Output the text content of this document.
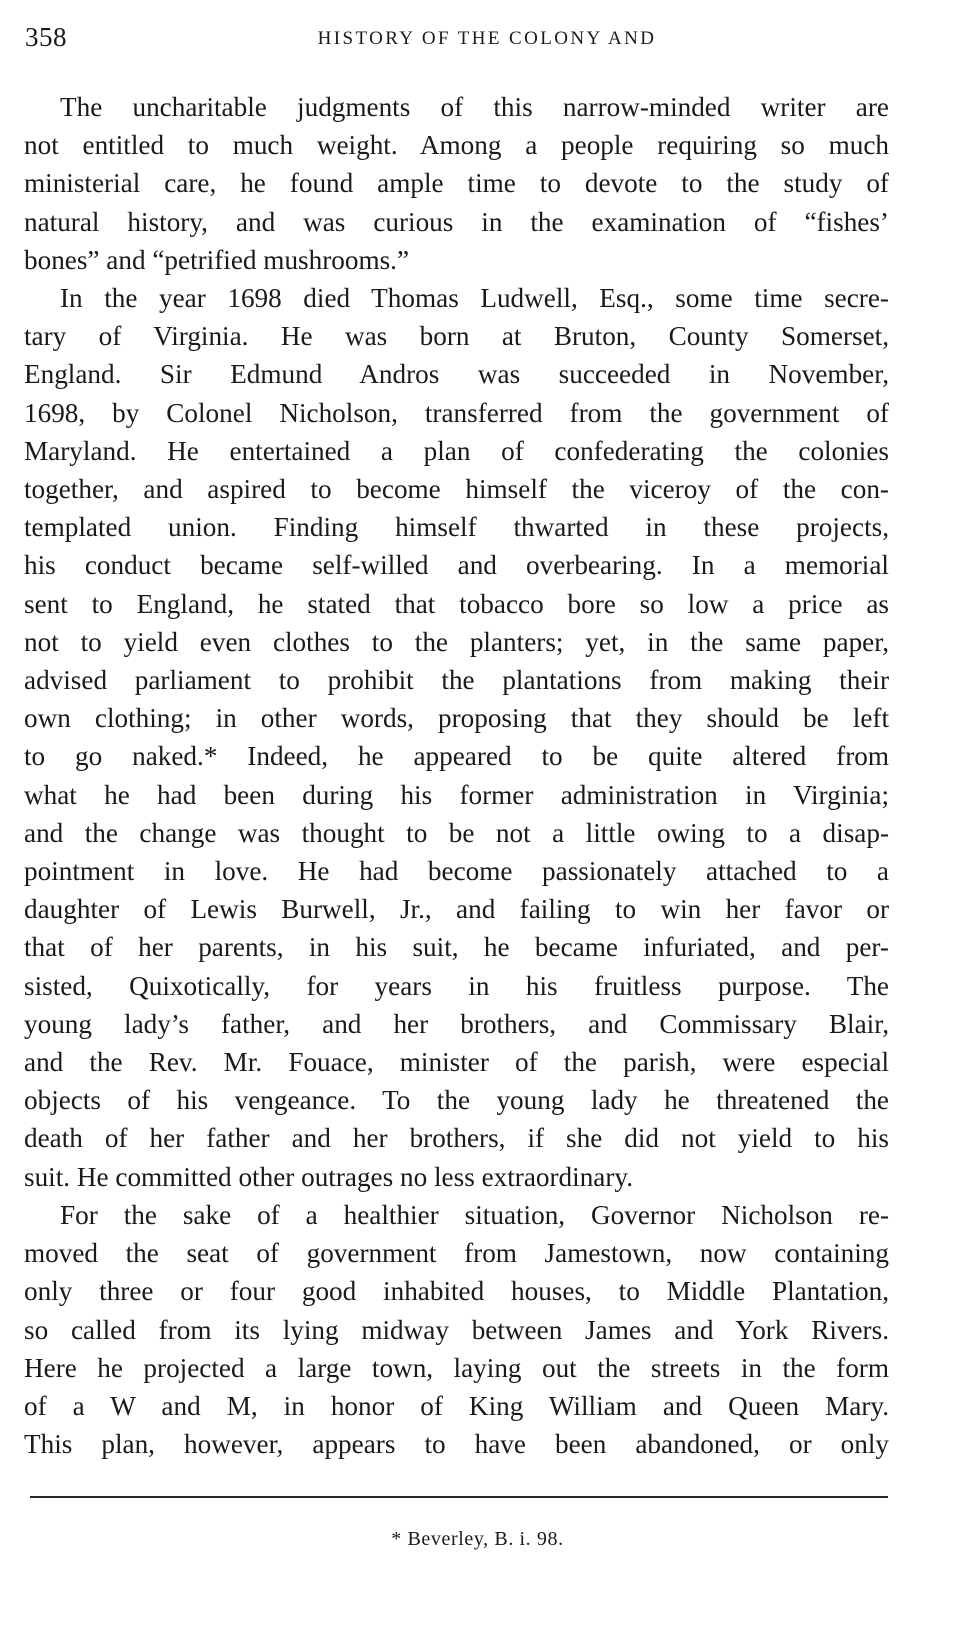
358	HISTORY OF THE COLONY AND
The uncharitable judgments of this narrow-minded writer are
not entitled to much weight. Among a people requiring so much
ministerial care, he found ample time to devote to the study of
natural history, and was curious in the examination of “fishes’
bones” and “petrified mushrooms.”
In the year 1698 died Thomas Ludwell, Esq., some time secre-
tary of Virginia. He was born at Bruton, County Somerset,
England. Sir Edmund Andros was succeeded in November,
1698, by Colonel Nicholson, transferred from the government of
Maryland. He entertained a plan of confederating the colonies
together, and aspired to become himself the viceroy of the con-
templated union. Finding himself thwarted in these projects,
his conduct became self-willed and overbearing. In a memorial
sent to England, he stated that tobacco bore so low a price as
not to yield even clothes to the planters; yet, in the same paper,
advised parliament to prohibit the plantations from making their
own clothing; in other words, proposing that they should be left
to go naked.* Indeed, he appeared to be quite altered from
what he had been during his former administration in Virginia;
and the change was thought to be not a little owing to a disap-
pointment in love. He had become passionately attached to a
daughter of Lewis Burwell, Jr., and failing to win her favor or
that of her parents, in his suit, he became infuriated, and per-
sisted, Quixotically, for years in his fruitless purpose. The
young lady’s father, and her brothers, and Commissary Blair,
and the Rev. Mr. Fouace, minister of the parish, were especial
objects of his vengeance. To the young lady he threatened the
death of her father and her brothers, if she did not yield to his
suit. He committed other outrages no less extraordinary.
For the sake of a healthier situation, Governor Nicholson re-
moved the seat of government from Jamestown, now containing
only three or four good inhabited houses, to Middle Plantation,
so called from its lying midway between James and York Rivers.
Here he projected a large town, laying out the streets in the form
of a W and M, in honor of King William and Queen Mary.
This plan, however, appears to have been abandoned, or only
* Beverley, B. i. 98.
